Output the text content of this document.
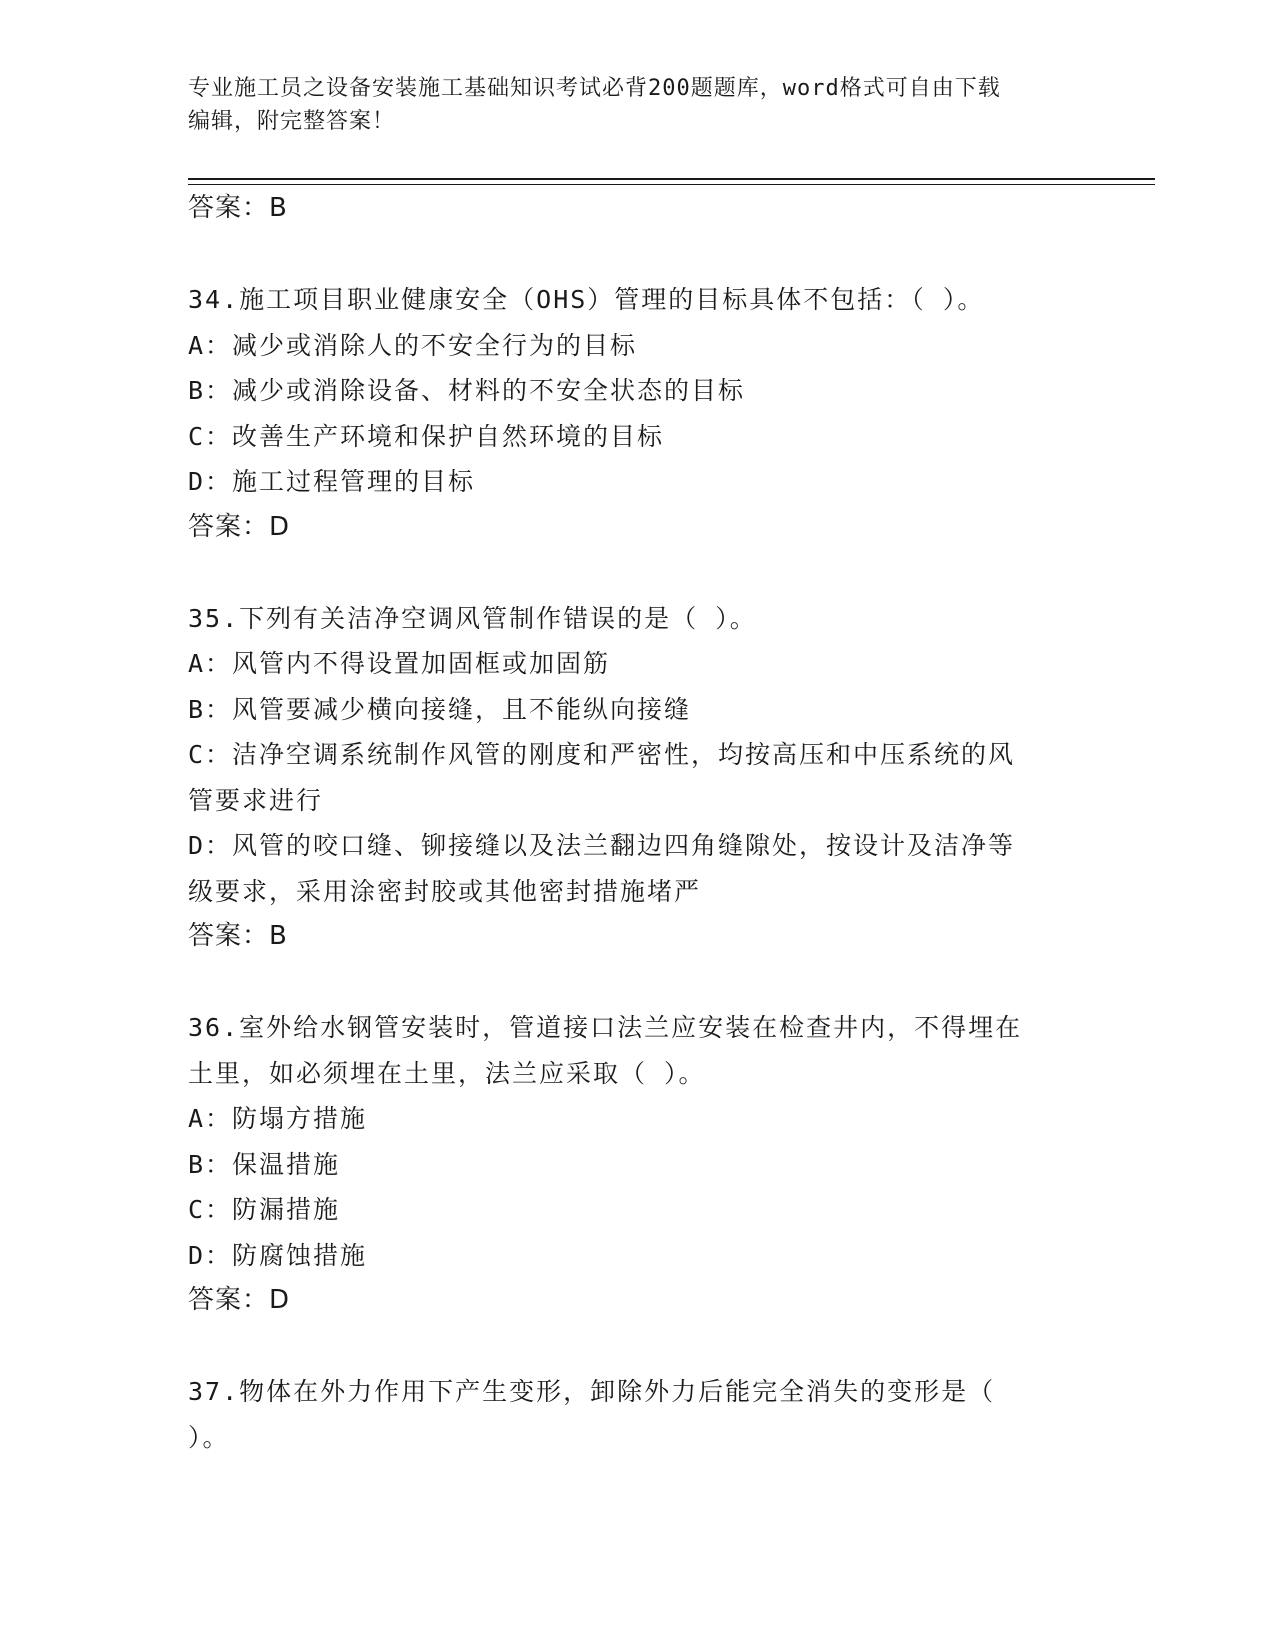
专业施工员之设备安装施工基础知识考试必背200题题库，word格式可自由下载
编辑，附完整答案！
答案：B
34.施工项目职业健康安全（OHS）管理的目标具体不包括：（ ）。
A：减少或消除人的不安全行为的目标
B：减少或消除设备、材料的不安全状态的目标
C：改善生产环境和保护自然环境的目标
D：施工过程管理的目标
答案：D
35.下列有关洁净空调风管制作错误的是（ ）。
A：风管内不得设置加固框或加固筋
B：风管要减少横向接缝，且不能纵向接缝
C：洁净空调系统制作风管的刚度和严密性，均按高压和中压系统的风
管要求进行
D：风管的咬口缝、铆接缝以及法兰翻边四角缝隙处，按设计及洁净等
级要求，采用涂密封胶或其他密封措施堵严
答案：B
36.室外给水钢管安装时，管道接口法兰应安装在检查井内，不得埋在
土里，如必须埋在土里，法兰应采取（ ）。
A：防塌方措施
B：保温措施
C：防漏措施
D：防腐蚀措施
答案：D
37.物体在外力作用下产生变形，卸除外力后能完全消失的变形是（
）。
